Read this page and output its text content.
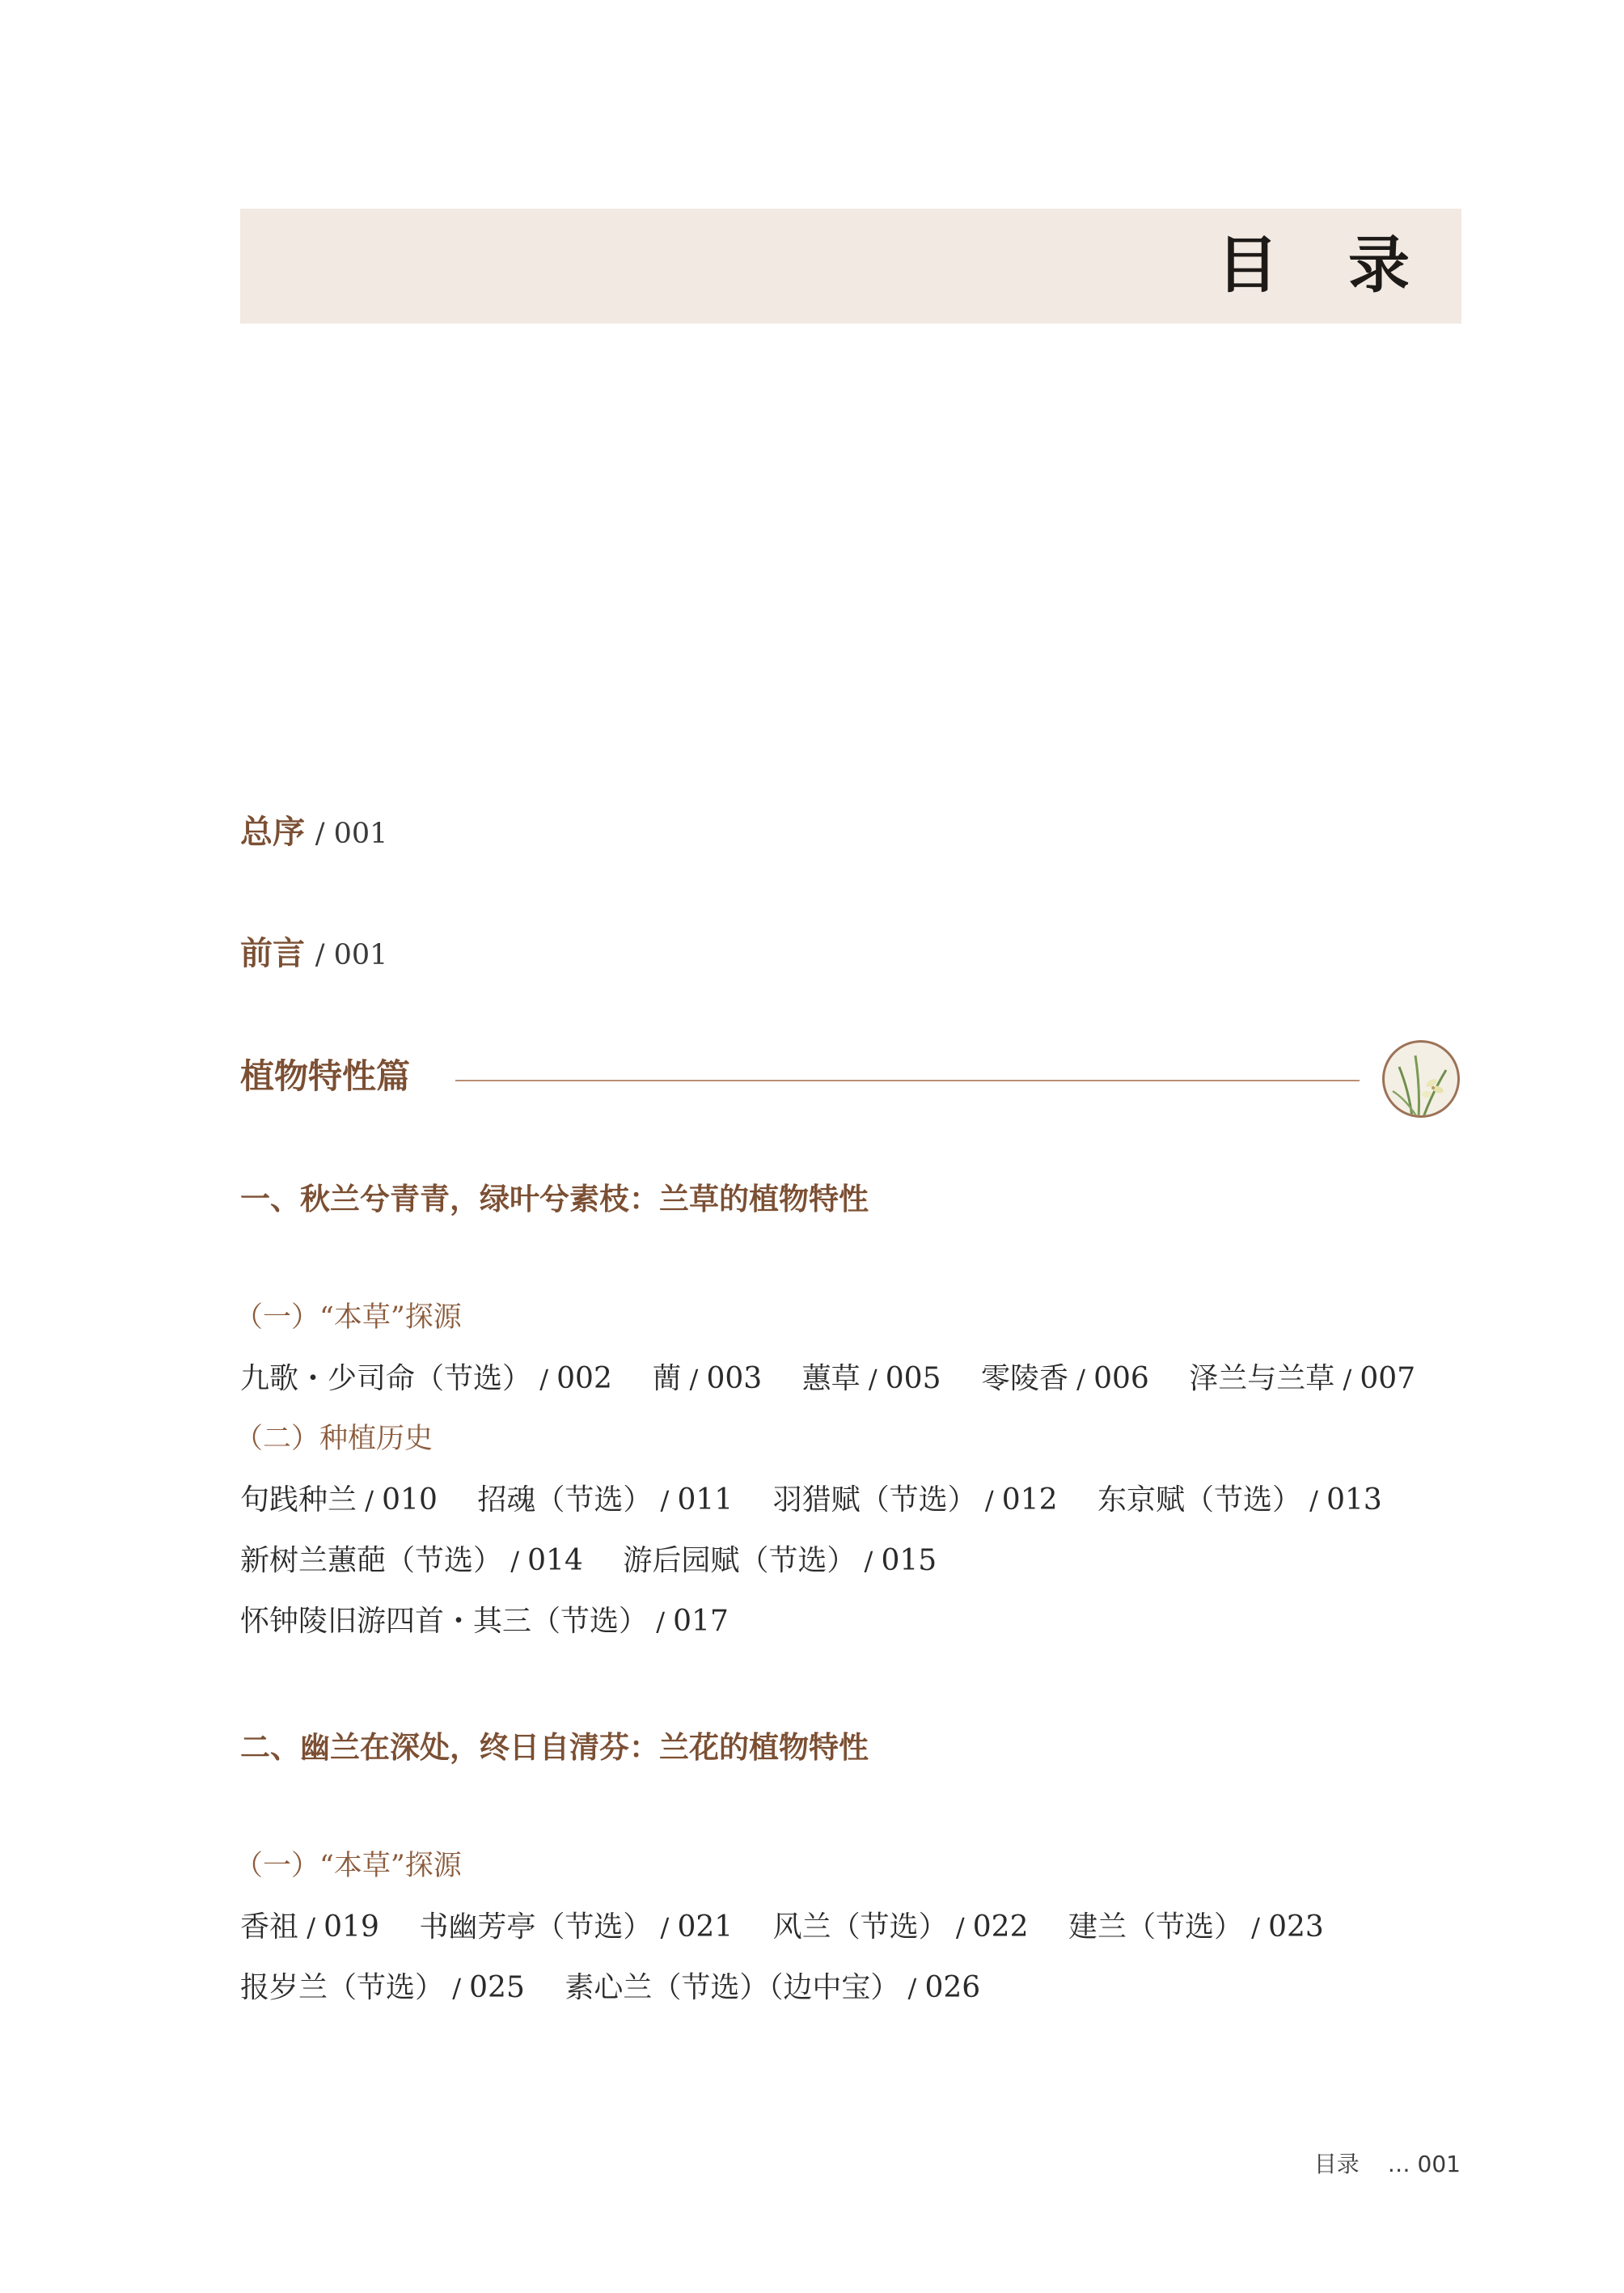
目 录
总序 / 001
前言 / 001
植物特性篇
一、秋兰兮青青，绿叶兮素枝：兰草的植物特性
（一）“本草”探源
九歌・少司命（节选） / 002 蕳 / 003 蕙草 / 005 零陵香 / 006 泽兰与兰草 / 007
（二）种植历史
句践种兰 / 010 招魂（节选） / 011 羽猎赋（节选） / 012 东京赋（节选） / 013
新树兰蕙葩（节选） / 014 游后园赋（节选） / 015
怀钟陵旧游四首・其三（节选） / 017
二、幽兰在深处，终日自清芬：兰花的植物特性
（一）“本草”探源
香祖 / 019 书幽芳亭（节选） / 021 风兰（节选） / 022 建兰（节选） / 023
报岁兰（节选） / 025 素心兰（节选）（边中宝） / 026
目录 … 001
